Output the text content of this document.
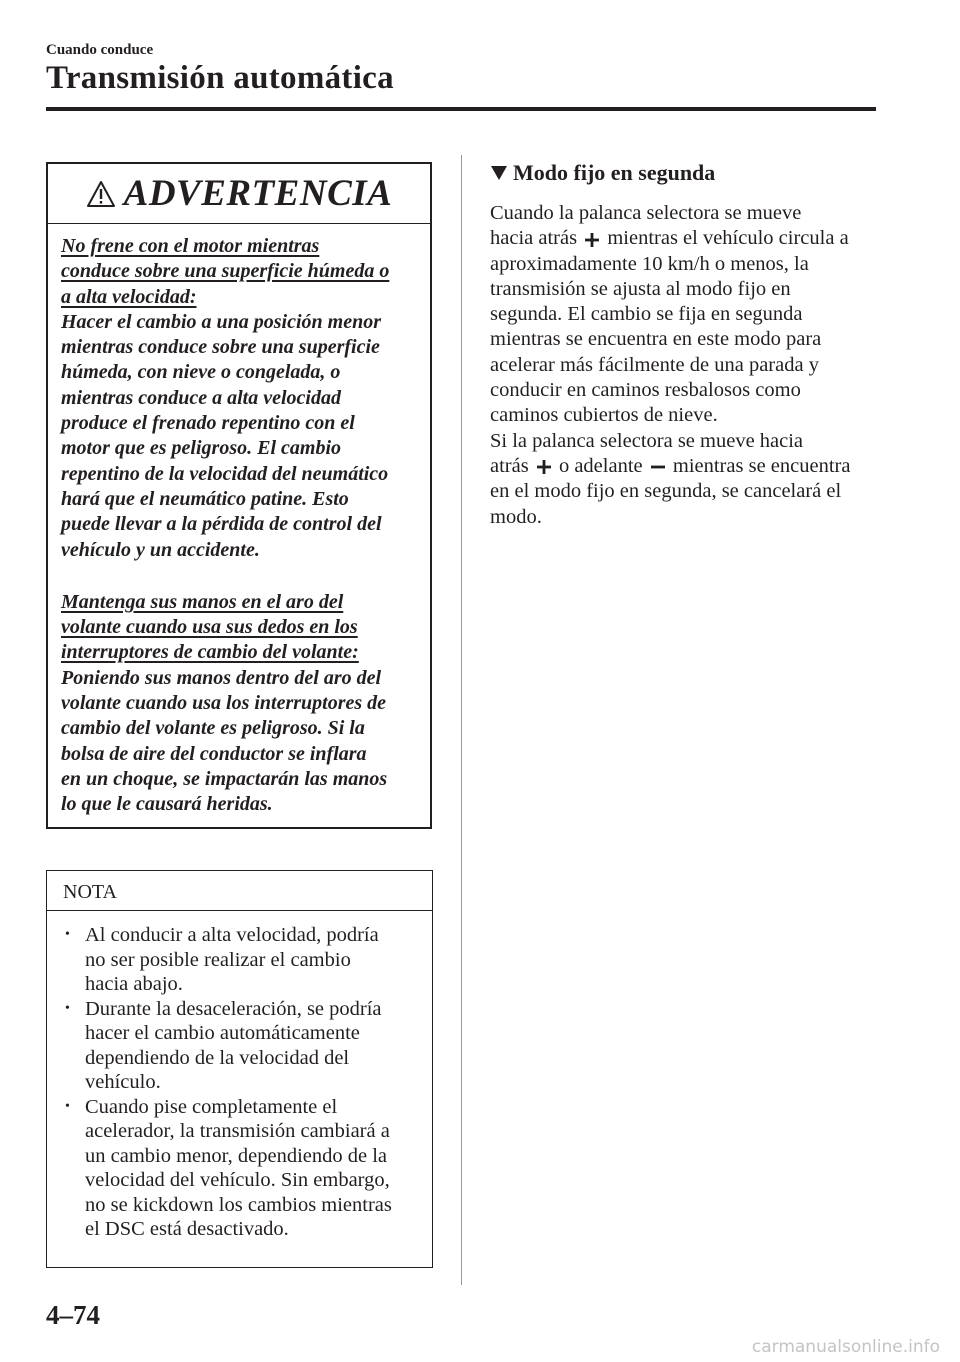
Cuando conduce
Transmisión automática
ADVERTENCIA

No frene con el motor mientras
conduce sobre una superficie húmeda o
a alta velocidad:

Hacer el cambio a una posición menor
mientras conduce sobre una superficie
húmeda, con nieve o congelada, o
mientras conduce a alta velocidad
produce el frenado repentino con el
motor que es peligroso. El cambio
repentino de la velocidad del neumático
hará que el neumático patine. Esto
puede llevar a la pérdida de control del
vehículo y un accidente.

Mantenga sus manos en el aro del
volante cuando usa sus dedos en los
interruptores de cambio del volante:

Poniendo sus manos dentro del aro del
volante cuando usa los interruptores de
cambio del volante es peligroso. Si la
bolsa de aire del conductor se inflara
en un choque, se impactarán las manos
lo que le causará heridas.

NOTA
• Al conducir a alta velocidad, podría
no ser posible realizar el cambio
hacia abajo.
• Durante la desaceleración, se podría
hacer el cambio automáticamente
dependiendo de la velocidad del
vehículo.
• Cuando pise completamente el
acelerador, la transmisión cambiará a
un cambio menor, dependiendo de la
velocidad del vehículo. Sin embargo,
no se kickdown los cambios mientras
el DSC está desactivado.
Modo fijo en segunda

Cuando la palanca selectora se mueve
hacia atrás mientras el vehículo circula a
aproximadamente 10 km/h o menos, la
transmisión se ajusta al modo fijo en
segunda. El cambio se fija en segunda
mientras se encuentra en este modo para
acelerar más fácilmente de una parada y
conducir en caminos resbalosos como
caminos cubiertos de nieve.

Si la palanca selectora se mueve hacia
atrás o adelante mientras se encuentra
en el modo fijo en segunda, se cancelará el
modo.

4–74
carmanualsonline.info
